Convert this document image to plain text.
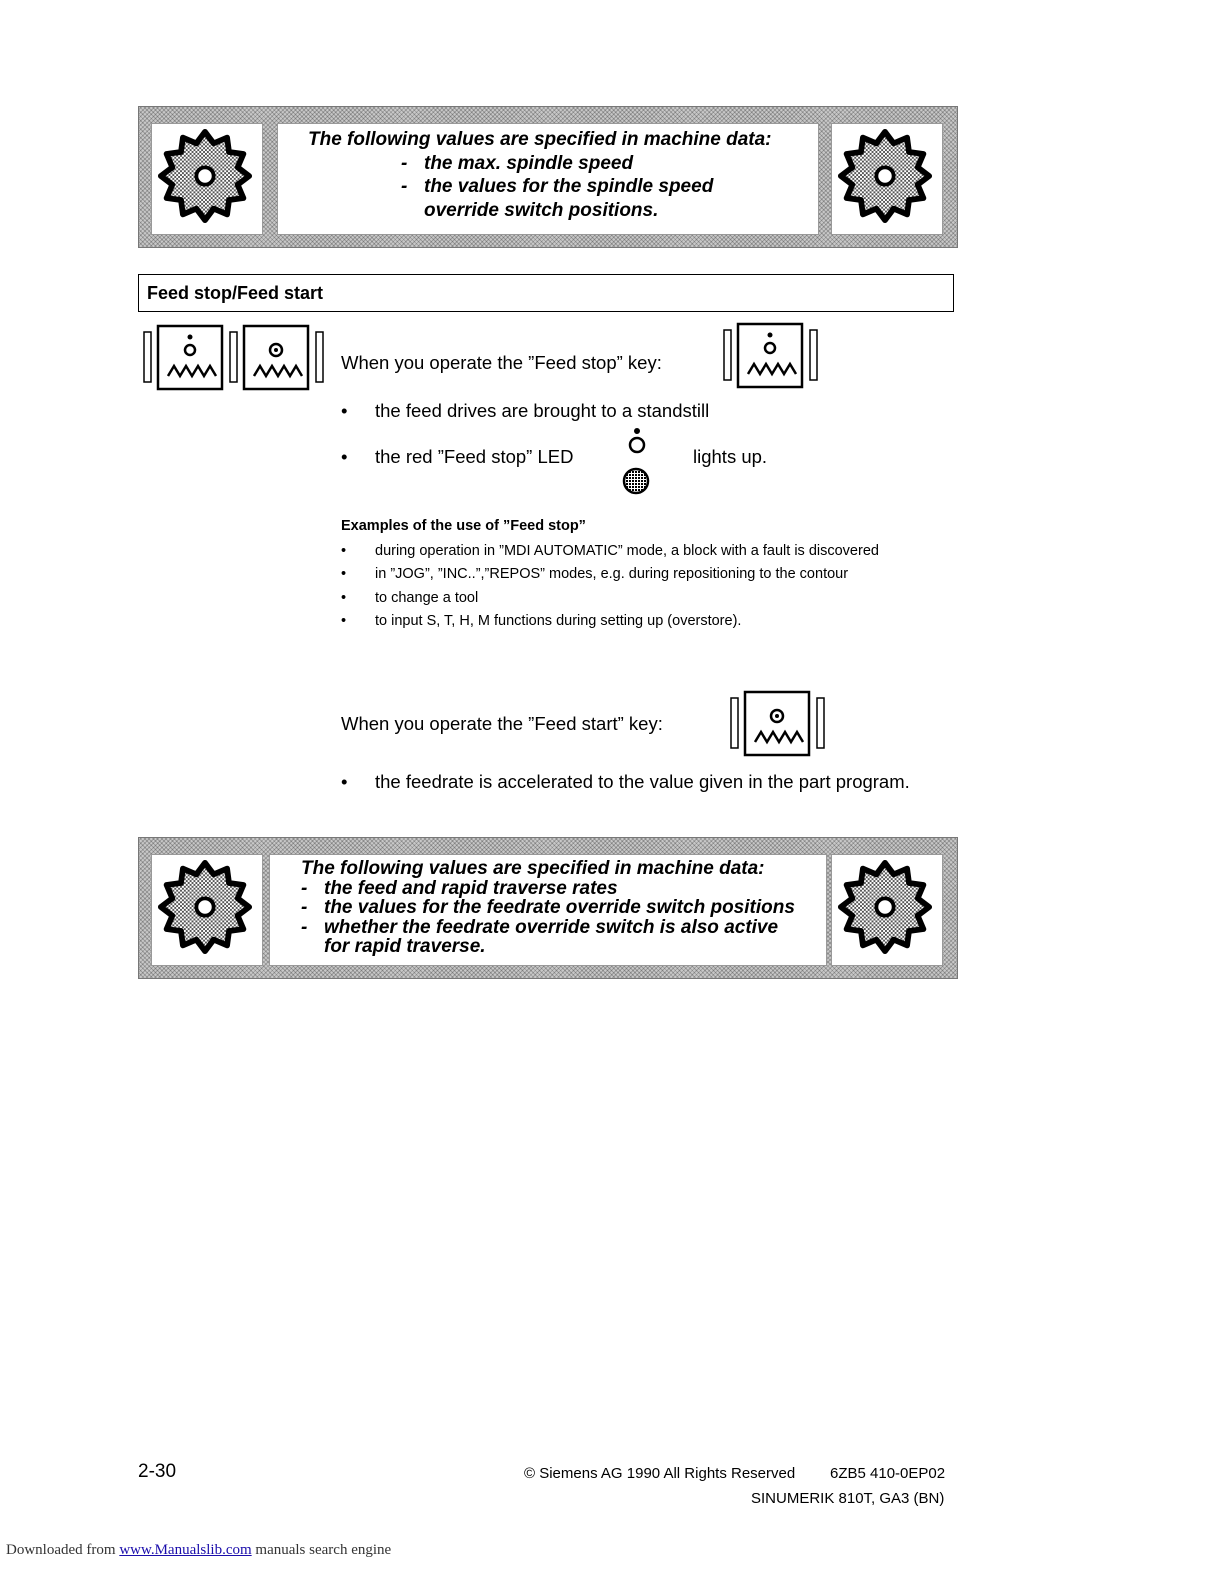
The following values are specified in machine data:
- the max. spindle speed
- the values for the spindle speed
override switch positions.
Feed stop/Feed start
When you operate the ”Feed stop” key:
• the feed drives are brought to a standstill
• the red ”Feed stop” LED	lights up.
Examples of the use of ”Feed stop”
• during operation in ”MDI AUTOMATIC” mode, a block with a fault is discovered
• in ”JOG”, ”INC..”,”REPOS” modes, e.g. during repositioning to the contour
• to change a tool
• to input S, T, H, M functions during setting up (overstore).
When you operate the ”Feed start” key:
• the feedrate is accelerated to the value given in the part program.
The following values are specified in machine data:
- the feed and rapid traverse rates
- the values for the feedrate override switch positions
- whether the feedrate override switch is also active
for rapid traverse.
2-30	© Siemens AG 1990 All Rights Reserved 6ZB5 410-0EP02
SINUMERIK 810T, GA3 (BN)
Downloaded from www.Manualslib.com manuals search engine
